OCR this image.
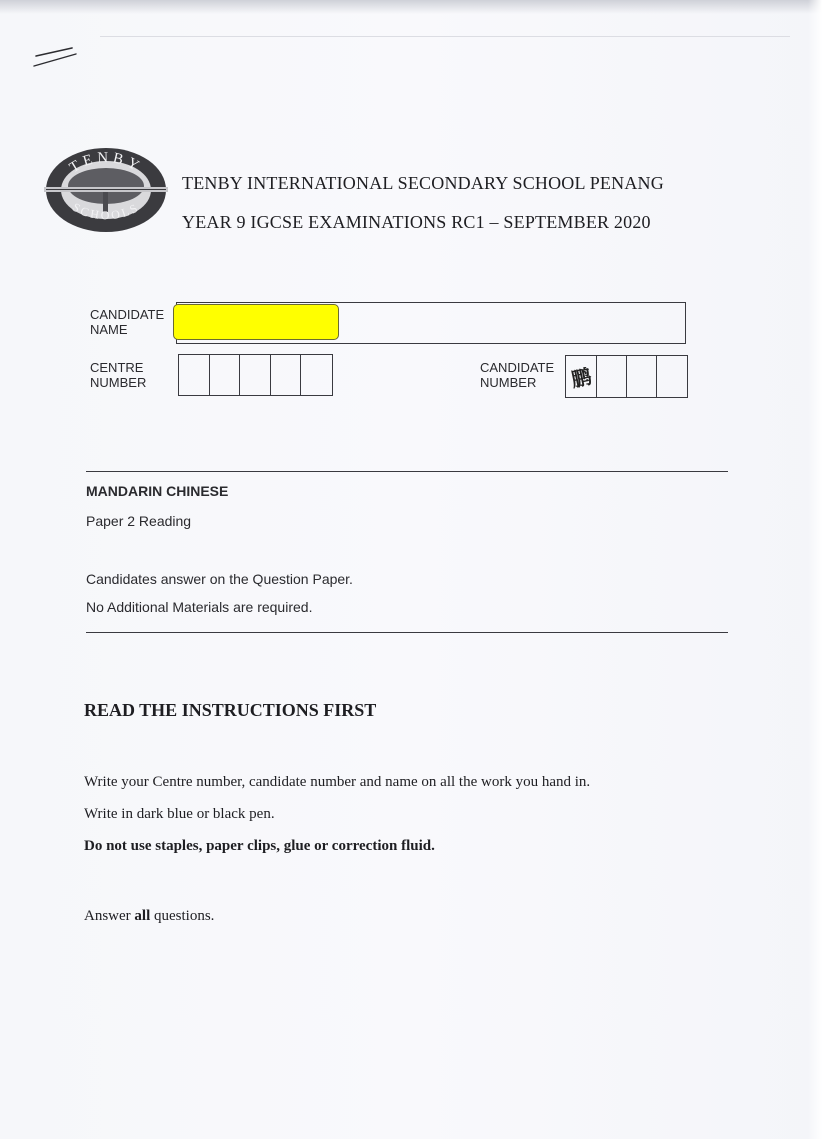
TENBY
SCHOOLS
TENBY INTERNATIONAL SECONDARY SCHOOL PENANG
YEAR 9 IGCSE EXAMINATIONS RC1 – SEPTEMBER 2020
CANDIDATE
NAME
CENTRE
NUMBER
CANDIDATE
NUMBER	鹏
MANDARIN CHINESE
Paper 2 Reading
Candidates answer on the Question Paper.
No Additional Materials are required.
READ THE INSTRUCTIONS FIRST
Write your Centre number, candidate number and name on all the work you hand in.
Write in dark blue or black pen.
Do not use staples, paper clips, glue or correction fluid.
Answer all questions.
